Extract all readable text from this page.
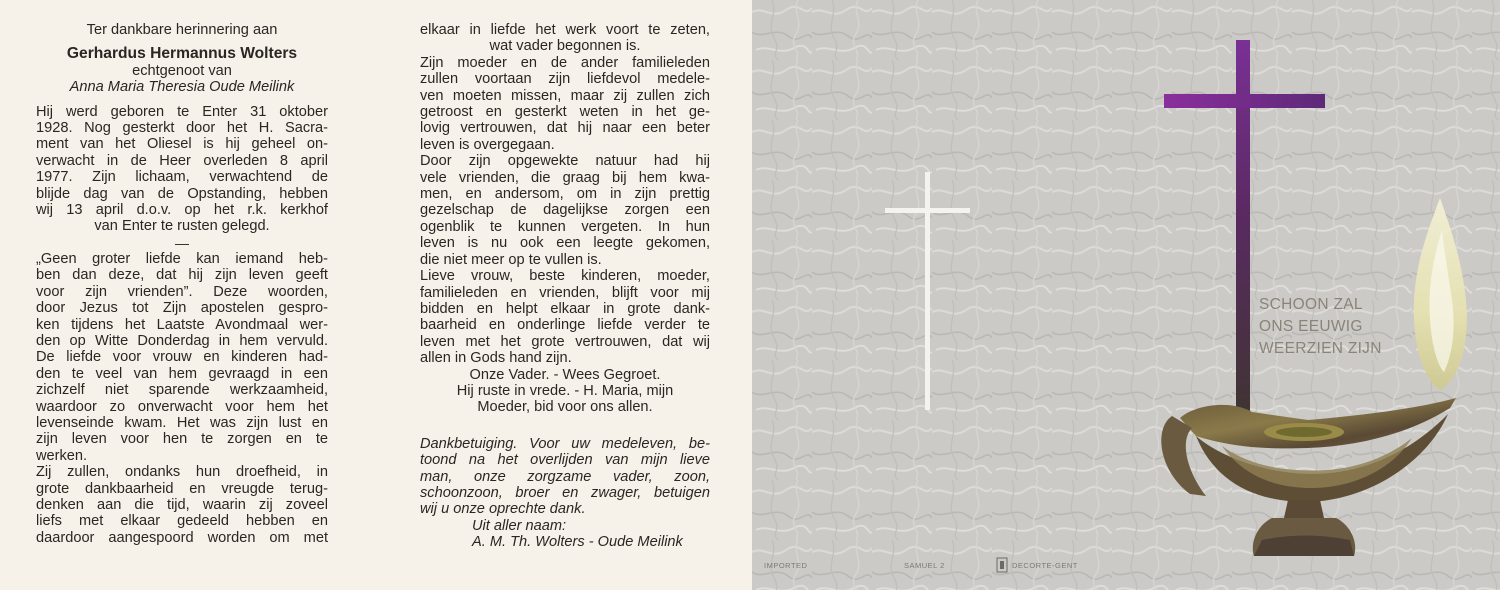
Ter dankbare herinnering aan
Gerhardus Hermannus Wolters
echtgenoot van
Anna Maria Theresia Oude Meilink
Hij werd geboren te Enter 31 oktober
1928. Nog gesterkt door het H. Sacra-
ment van het Oliesel is hij geheel on-
verwacht in de Heer overleden 8 april
1977. Zijn lichaam, verwachtend de
blijde dag van de Opstanding, hebben
wij 13 april d.o.v. op het r.k. kerkhof
van Enter te rusten gelegd.
—
„Geen groter liefde kan iemand heb-
ben dan deze, dat hij zijn leven geeft
voor zijn vrienden”. Deze woorden,
door Jezus tot Zijn apostelen gespro-
ken tijdens het Laatste Avondmaal wer-
den op Witte Donderdag in hem vervuld.
De liefde voor vrouw en kinderen had-
den te veel van hem gevraagd in een
zichzelf niet sparende werkzaamheid,
waardoor zo onverwacht voor hem het
levenseinde kwam. Het was zijn lust en
zijn leven voor hen te zorgen en te
werken.
Zij zullen, ondanks hun droefheid, in
grote dankbaarheid en vreugde terug-
denken aan die tijd, waarin zij zoveel
liefs met elkaar gedeeld hebben en
daardoor aangespoord worden om met
elkaar in liefde het werk voort te zeten,
wat vader begonnen is.
Zijn moeder en de ander familieleden
zullen voortaan zijn liefdevol medele-
ven moeten missen, maar zij zullen zich
getroost en gesterkt weten in het ge-
lovig vertrouwen, dat hij naar een beter
leven is overgegaan.
Door zijn opgewekte natuur had hij
vele vrienden, die graag bij hem kwa-
men, en andersom, om in zijn prettig
gezelschap de dagelijkse zorgen een
ogenblik te kunnen vergeten. In hun
leven is nu ook een leegte gekomen,
die niet meer op te vullen is.
Lieve vrouw, beste kinderen, moeder,
familieleden en vrienden, blijft voor mij
bidden en helpt elkaar in grote dank-
baarheid en onderlinge liefde verder te
leven met het grote vertrouwen, dat wij
allen in Gods hand zijn.
Onze Vader. - Wees Gegroet.
Hij ruste in vrede. - H. Maria, mijn
Moeder, bid voor ons allen.
Dankbetuiging. Voor uw medeleven, be-
toond na het overlijden van mijn lieve
man, onze zorgzame vader, zoon,
schoonzoon, broer en zwager, betuigen
wij u onze oprechte dank.
Uit aller naam:
A. M. Th. Wolters - Oude Meilink
SCHOON ZAL
ONS EEUWIG
WEERZIEN ZIJN
IMPORTED	SAMUEL 2	DECORTE-GENT
